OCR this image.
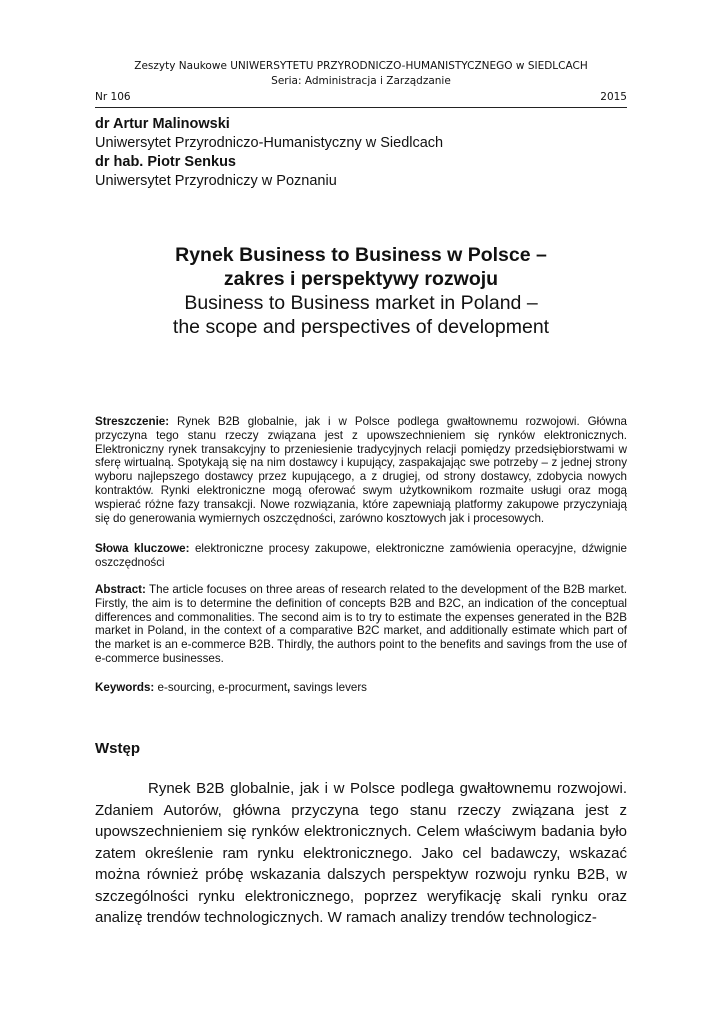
Zeszyty Naukowe UNIWERSYTETU PRZYRODNICZO-HUMANISTYCZNEGO w SIEDLCACH
Seria: Administracja i Zarządzanie
Nr 106	2015
dr Artur Malinowski
Uniwersytet Przyrodniczo-Humanistyczny w Siedlcach
dr hab. Piotr Senkus
Uniwersytet Przyrodniczy w Poznaniu
Rynek Business to Business w Polsce –
zakres i perspektywy rozwoju
Business to Business market in Poland –
the scope and perspectives of development
Streszczenie: Rynek B2B globalnie, jak i w Polsce podlega gwałtownemu rozwojowi. Główna przyczyna tego stanu rzeczy związana jest z upowszechnieniem się rynków elektronicznych. Elektroniczny rynek transakcyjny to przeniesienie tradycyjnych relacji pomiędzy przedsiębiorstwami w sferę wirtualną. Spotykają się na nim dostawcy i kupujący, zaspakajając swe potrzeby – z jednej strony wyboru najlepszego dostawcy przez kupującego, a z drugiej, od strony dostawcy, zdobycia nowych kontraktów. Rynki elektroniczne mogą oferować swym użytkownikom rozmaite usługi oraz mogą wspierać różne fazy transakcji. Nowe rozwiązania, które zapewniają platformy zakupowe przyczyniają się do generowania wymiernych oszczędności, zarówno kosztowych jak i procesowych.
Słowa kluczowe: elektroniczne procesy zakupowe, elektroniczne zamówienia operacyjne, dźwignie oszczędności
Abstract: The article focuses on three areas of research related to the development of the B2B market. Firstly, the aim is to determine the definition of concepts B2B and B2C, an indication of the conceptual differences and commonalities. The second aim is to try to estimate the expenses generated in the B2B market in Poland, in the context of a comparative B2C market, and additionally estimate which part of the market is an e-commerce B2B. Thirdly, the authors point to the benefits and savings from the use of e-commerce businesses.
Keywords: e-sourcing, e-procurment, savings levers
Wstęp
Rynek B2B globalnie, jak i w Polsce podlega gwałtownemu rozwojowi. Zdaniem Autorów, główna przyczyna tego stanu rzeczy związana jest z upowszechnieniem się rynków elektronicznych. Celem właściwym badania było zatem określenie ram rynku elektronicznego. Jako cel badawczy, wskazać można również próbę wskazania dalszych perspektyw rozwoju rynku B2B, w szczególności rynku elektronicznego, poprzez weryfikację skali rynku oraz analizę trendów technologicznych. W ramach analizy trendów technologicz-
